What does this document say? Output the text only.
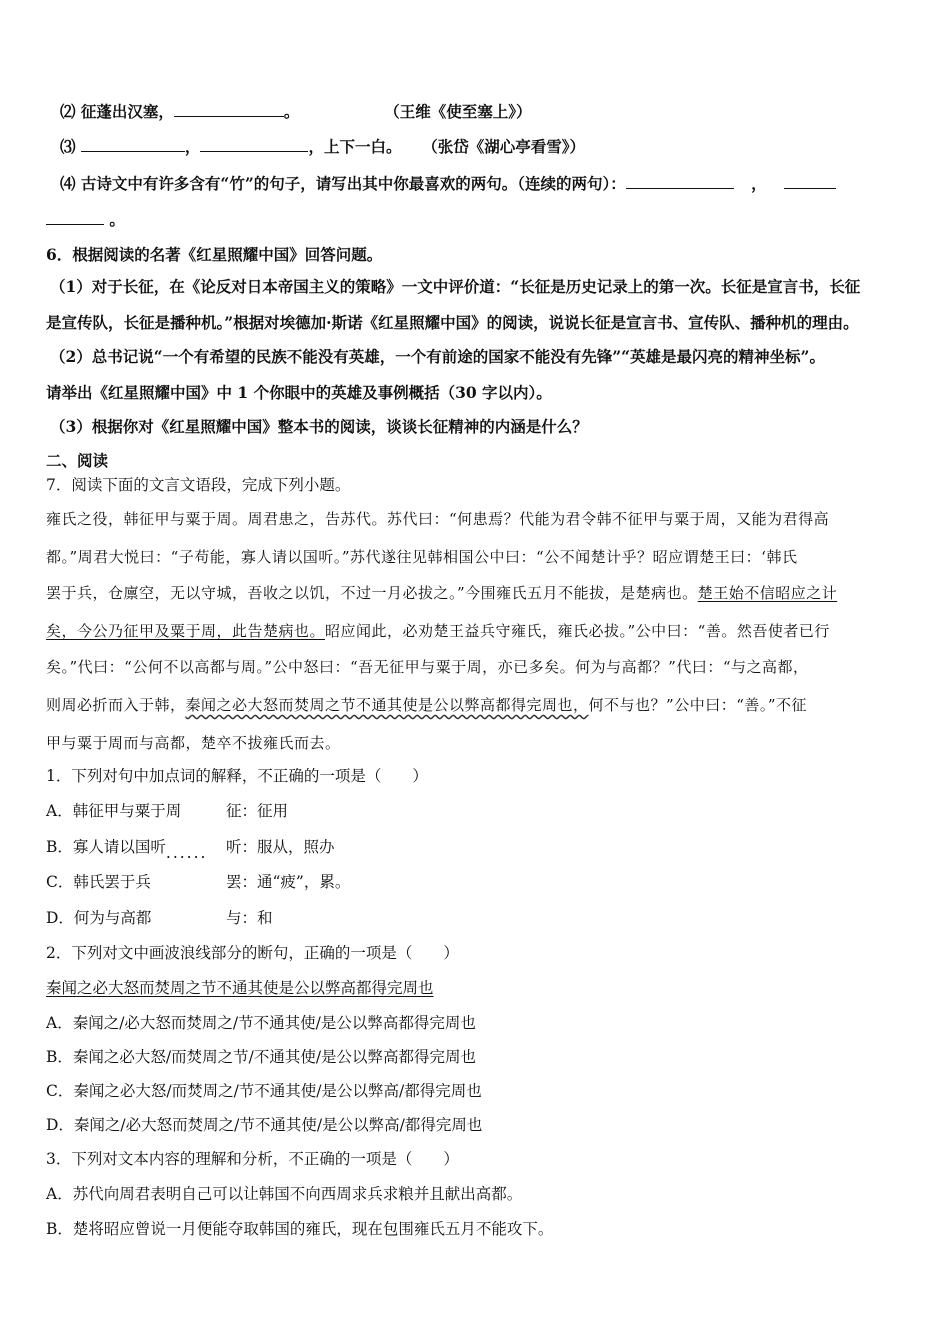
⑵ 征蓬出汉塞，	。	（王维《使至塞上》）
⑶	，	，上下一白。 （张岱《湖心亭看雪》）
⑷ 古诗文中有许多含有“竹”的句子，请写出其中你最喜欢的两句。（连续的两句）：	，
。
6．根据阅读的名著《红星照耀中国》回答问题。
（1）对于长征，在《论反对日本帝国主义的策略》一文中评价道：“长征是历史记录上的第一次。长征是宣言书，长征
是宣传队，长征是播种机。”根据对埃德加·斯诺《红星照耀中国》的阅读，说说长征是宣言书、宣传队、播种机的理由。
（2）总书记说“一个有希望的民族不能没有英雄，一个有前途的国家不能没有先锋”“英雄是最闪亮的精神坐标”。
请举出《红星照耀中国》中 1 个你眼中的英雄及事例概括（30 字以内）。
（3）根据你对《红星照耀中国》整本书的阅读，谈谈长征精神的内涵是什么？
二、阅读
7．阅读下面的文言文语段，完成下列小题。
雍氏之役，韩征甲与粟于周。周君患之，告苏代。苏代曰：“何患焉？代能为君令韩不征甲与粟于周，又能为君得高
都。”周君大悦曰：“子苟能，寡人请以国听。”苏代遂往见韩相国公中曰：“公不闻楚计乎？昭应谓楚王曰：‘韩氏
罢于兵，仓廪空，无以守城，吾收之以饥，不过一月必拔之。”今围雍氏五月不能拔，是楚病也。楚王始不信昭应之计
矣，今公乃征甲及粟于周，此告楚病也。昭应闻此，必劝楚王益兵守雍氏，雍氏必拔。”公中曰：“善。然吾使者已行
矣。”代曰：“公何不以高都与周。”公中怒曰：“吾无征甲与粟于周，亦已多矣。何为与高都？”代曰：“与之高都，
则周必折而入于韩，秦闻之必大怒而焚周之节不通其使是公以弊高都得完周也，何不与也？”公中曰：“善。”不征
甲与粟于周而与高都，楚卒不拔雍氏而去。
1．下列对句中加点词的解释，不正确的一项是（　　）
A．韩征甲与粟于周	征：征用
B．寡人请以国听...... 听：服从，照办
C．韩氏罢于兵	罢：通“疲”，累。
D．何为与高都	与：和
2．下列对文中画波浪线部分的断句，正确的一项是（　　）
秦闻之必大怒而焚周之节不通其使是公以弊高都得完周也
A．秦闻之/必大怒而焚周之/节不通其使/是公以弊高都得完周也
B．秦闻之必大怒/而焚周之节/不通其使/是公以弊高都得完周也
C．秦闻之必大怒/而焚周之/节不通其使/是公以弊高/都得完周也
D．秦闻之/必大怒而焚周之/节不通其使/是公以弊高/都得完周也
3．下列对文本内容的理解和分析，不正确的一项是（　　）
A．苏代向周君表明自己可以让韩国不向西周求兵求粮并且献出高都。
B．楚将昭应曾说一月便能夺取韩国的雍氏，现在包围雍氏五月不能攻下。
